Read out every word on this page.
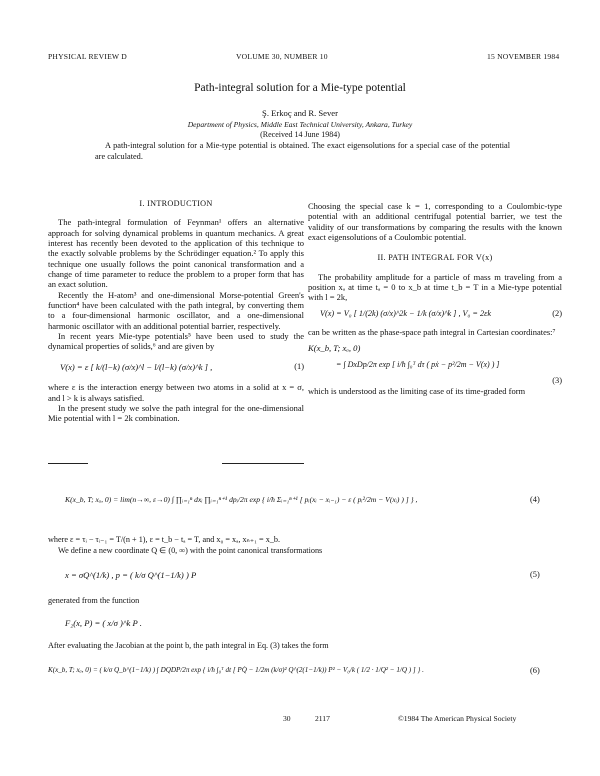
PHYSICAL REVIEW D	VOLUME 30, NUMBER 10	15 NOVEMBER 1984
Path-integral solution for a Mie-type potential
Ş. Erkoç and R. Sever
Department of Physics, Middle East Technical University, Ankara, Turkey
(Received 14 June 1984)
A path-integral solution for a Mie-type potential is obtained. The exact eigensolutions for a special case of the potential are calculated.
I. INTRODUCTION

The path-integral formulation of Feynman¹ offers an alternative approach for solving dynamical problems in quantum mechanics. A great interest has recently been devoted to the application of this technique to the exactly solvable problems by the Schrödinger equation.² To apply this technique one usually follows the point canonical transformation and a change of time parameter to reduce the problem to a proper form that has an exact solution.

Recently the H-atom³ and one-dimensional Morse-potential Green's function⁴ have been calculated with the path integral, by converting them to a four-dimensional harmonic oscillator, and a one-dimensional harmonic oscillator with an additional potential barrier, respectively.

In recent years Mie-type potentials⁵ have been used to study the dynamical properties of solids,⁶ and are given by

V(x) = ε [ k/(l−k) (σ/x)^l − l/(l−k) (σ/x)^k ] ,	(1)

where ε is the interaction energy between two atoms in a solid at x = σ, and l > k is always satisfied.

In the present study we solve the path integral for the one-dimensional Mie potential with l = 2k combination.

Choosing the special case k = 1, corresponding to a Coulombic-type potential with an additional centrifugal potential barrier, we test the validity of our transformations by comparing the results with the known exact eigensolutions of a Coulombic potential.

II. PATH INTEGRAL FOR V(x)

The probability amplitude for a particle of mass m traveling from a position xₐ at time tₐ = 0 to x_b at time t_b = T in a Mie-type potential with l = 2k,

V(x) = V₀ [ 1/(2k) (σ/x)^2k − 1/k (σ/x)^k ] , V₀ = 2εk	(2)

can be written as the phase-space path integral in Cartesian coordinates:⁷

K(x_b, T; xₐ, 0)
= ∫ DxDp/2π exp [ i/ħ ∫₀ᵀ dτ ( pẋ − p²/2m − V(x) ) ]
(3)

which is understood as the limiting case of its time-graded form

K(x_b, T; xₐ, 0) = lim(n→∞, ε→0) ∫ ∏ᵢ₌₁ⁿ dxᵢ ∏ᵢ₌₁ⁿ⁺¹ dpᵢ/2π exp { i/ħ Σᵢ₌₁ⁿ⁺¹ [ pᵢ(xᵢ − xᵢ₋₁) − ε ( pᵢ²/2m − V(xᵢ) ) ] } ,	(4)
where ε = τᵢ − τᵢ₋₁ = T/(n + 1), ε = t_b − tₐ = T, and x₀ = xₐ, xₙ₊₁ = x_b.
We define a new coordinate Q ∈ (0, ∞) with the point canonical transformations
x = σQ^(1/k) , p = ( k/σ Q^(1−1/k) ) P	(5)
generated from the function
F₂(x, P) = ( x/σ )^k P .
After evaluating the Jacobian at the point b, the path integral in Eq. (3) takes the form
K(x_b, T; xₐ, 0) = ( k/σ Q_b^(1−1/k) ) ∫ DQDP/2π exp { i/ħ ∫₀ᵀ dt [ PQ̇ − 1/2m (k/σ)² Q^(2(1−1/k)) P² − V₀/k ( 1/2 · 1/Q² − 1/Q ) ] } .	(6)
30	2117	©1984 The American Physical Society
